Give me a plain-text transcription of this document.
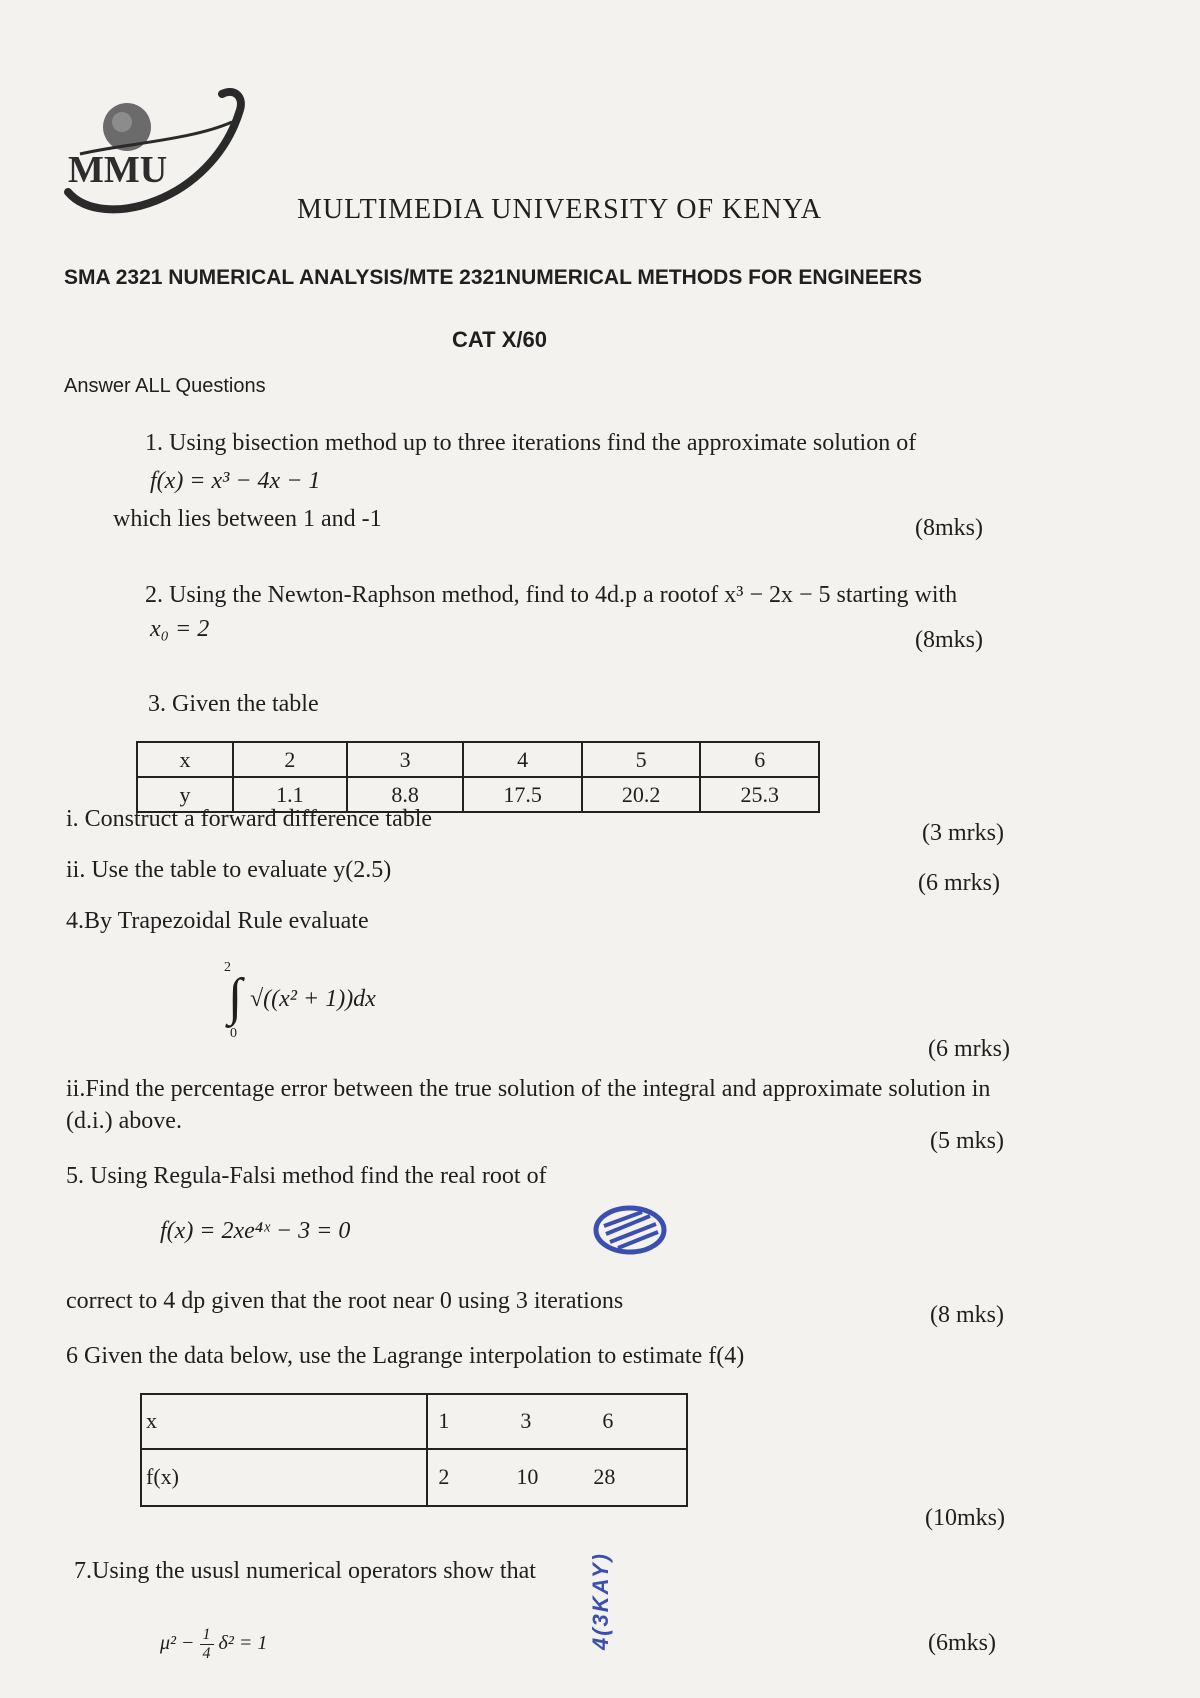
MMU
MULTIMEDIA UNIVERSITY OF KENYA
SMA 2321 NUMERICAL ANALYSIS/MTE 2321NUMERICAL METHODS FOR ENGINEERS
CAT X/60
Answer ALL Questions
1. Using bisection method up to three iterations find the approximate solution of
f(x) = x³ − 4x − 1
which lies between 1 and -1	(8mks)
2. Using the Newton-Raphson method, find to 4d.p a rootof x³ − 2x − 5 starting with
x₀ = 2	(8mks)
3. Given the table
x	2	3	4	5	6
y	1.1	8.8	17.5	20.2	25.3
i. Construct a forward difference table
(3 mrks)
ii. Use the table to evaluate y(2.5)	(6 mrks)
4.By Trapezoidal Rule evaluate
2
∫
0
√((x² + 1))dx
(6 mrks)
ii.Find the percentage error between the true solution of the integral and approximate solution in
(d.i.) above.
(5 mks)
5. Using Regula-Falsi method find the real root of
f(x) = 2xe⁴ˣ − 3 = 0
correct to 4 dp given that the root near 0 using 3 iterations
(8 mks)
6 Given the data below, use the Lagrange interpolation to estimate f(4)
x	1 3 6
f(x)	2 10 28
(10mks)
7.Using the ususl numerical operators show that
$\mu^2 - \frac{1}{4} \delta^2 = 1$	(6mks)
4(3KAY)
